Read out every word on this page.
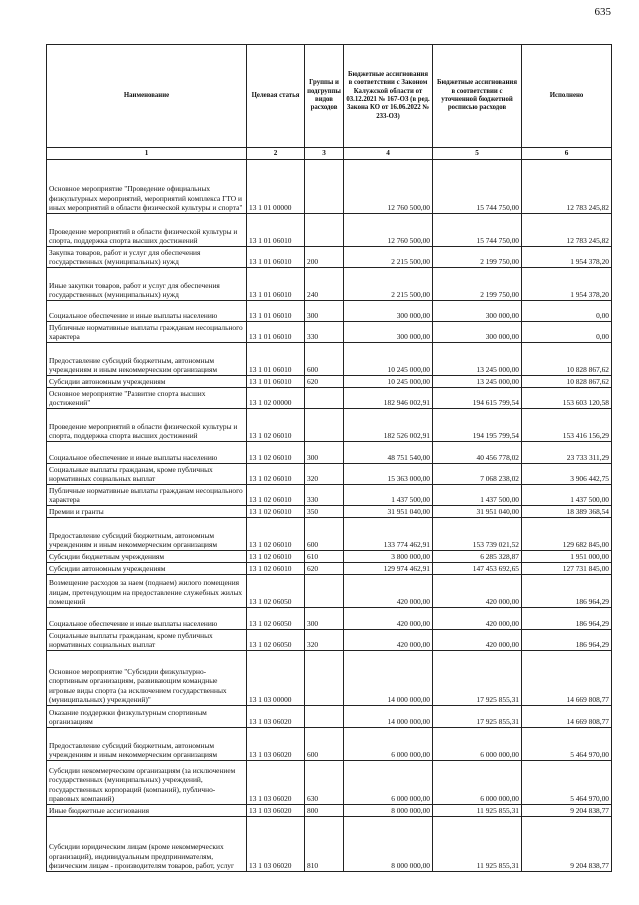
635
Наименование	Целевая статья	Группы и подгруппы видов расходов	Бюджетные ассигнования в соответствии с Законом Калужской области от 03.12.2021 № 167-ОЗ (в ред. Закона КО от 16.06.2022 № 233-ОЗ)	Бюджетные ассигнования в соответствии с уточненной бюджетной росписью расходов	Исполнено
1	2	3	4	5	6
Основное мероприятие "Проведение официальных физкультурных мероприятий, мероприятий комплекса ГТО и иных мероприятий в области физической культуры и спорта"	13 1 01 00000		12 760 500,00	15 744 750,00	12 783 245,82
Проведение мероприятий в области физической культуры и спорта, поддержка спорта высших достижений	13 1 01 06010		12 760 500,00	15 744 750,00	12 783 245,82
Закупка товаров, работ и услуг для обеспечения государственных (муниципальных) нужд	13 1 01 06010	200	2 215 500,00	2 199 750,00	1 954 378,20
Иные закупки товаров, работ и услуг для обеспечения государственных (муниципальных) нужд	13 1 01 06010	240	2 215 500,00	2 199 750,00	1 954 378,20
Социальное обеспечение и иные выплаты населению	13 1 01 06010	300	300 000,00	300 000,00	0,00
Публичные нормативные выплаты гражданам несоциального характера	13 1 01 06010	330	300 000,00	300 000,00	0,00
Предоставление субсидий бюджетным, автономным учреждениям и иным некоммерческим организациям	13 1 01 06010	600	10 245 000,00	13 245 000,00	10 828 867,62
Субсидии автономным учреждениям	13 1 01 06010	620	10 245 000,00	13 245 000,00	10 828 867,62
Основное мероприятие "Развитие спорта высших достижений"	13 1 02 00000		182 946 002,91	194 615 799,54	153 603 120,58
Проведение мероприятий в области физической культуры и спорта, поддержка спорта высших достижений	13 1 02 06010		182 526 002,91	194 195 799,54	153 416 156,29
Социальное обеспечение и иные выплаты населению	13 1 02 06010	300	48 751 540,00	40 456 778,02	23 733 311,29
Социальные выплаты гражданам, кроме публичных нормативных социальных выплат	13 1 02 06010	320	15 363 000,00	7 068 238,02	3 906 442,75
Публичные нормативные выплаты гражданам несоциального характера	13 1 02 06010	330	1 437 500,00	1 437 500,00	1 437 500,00
Премии и гранты	13 1 02 06010	350	31 951 040,00	31 951 040,00	18 389 368,54
Предоставление субсидий бюджетным, автономным учреждениям и иным некоммерческим организациям	13 1 02 06010	600	133 774 462,91	153 739 021,52	129 682 845,00
Субсидии бюджетным учреждениям	13 1 02 06010	610	3 800 000,00	6 285 328,87	1 951 000,00
Субсидии автономным учреждениям	13 1 02 06010	620	129 974 462,91	147 453 692,65	127 731 845,00
Возмещение расходов за наем (поднаем) жилого помещения лицам, претендующим на предоставление служебных жилых помещений	13 1 02 06050		420 000,00	420 000,00	186 964,29
Социальное обеспечение и иные выплаты населению	13 1 02 06050	300	420 000,00	420 000,00	186 964,29
Социальные выплаты гражданам, кроме публичных нормативных социальных выплат	13 1 02 06050	320	420 000,00	420 000,00	186 964,29
Основное мероприятие "Субсидии физкультурно-спортивным организациям, развивающим командные игровые виды спорта (за исключением государственных (муниципальных) учреждений)"	13 1 03 00000		14 000 000,00	17 925 855,31	14 669 808,77
Оказание поддержки физкультурным спортивным организациям	13 1 03 06020		14 000 000,00	17 925 855,31	14 669 808,77
Предоставление субсидий бюджетным, автономным учреждениям и иным некоммерческим организациям	13 1 03 06020	600	6 000 000,00	6 000 000,00	5 464 970,00
Субсидии некоммерческим организациям (за исключением государственных (муниципальных) учреждений, государственных корпораций (компаний), публично-правовых компаний)	13 1 03 06020	630	6 000 000,00	6 000 000,00	5 464 970,00
Иные бюджетные ассигнования	13 1 03 06020	800	8 000 000,00	11 925 855,31	9 204 838,77
Субсидии юридическим лицам (кроме некоммерческих организаций), индивидуальным предпринимателям, физическим лицам - производителям товаров, работ, услуг	13 1 03 06020	810	8 000 000,00	11 925 855,31	9 204 838,77
